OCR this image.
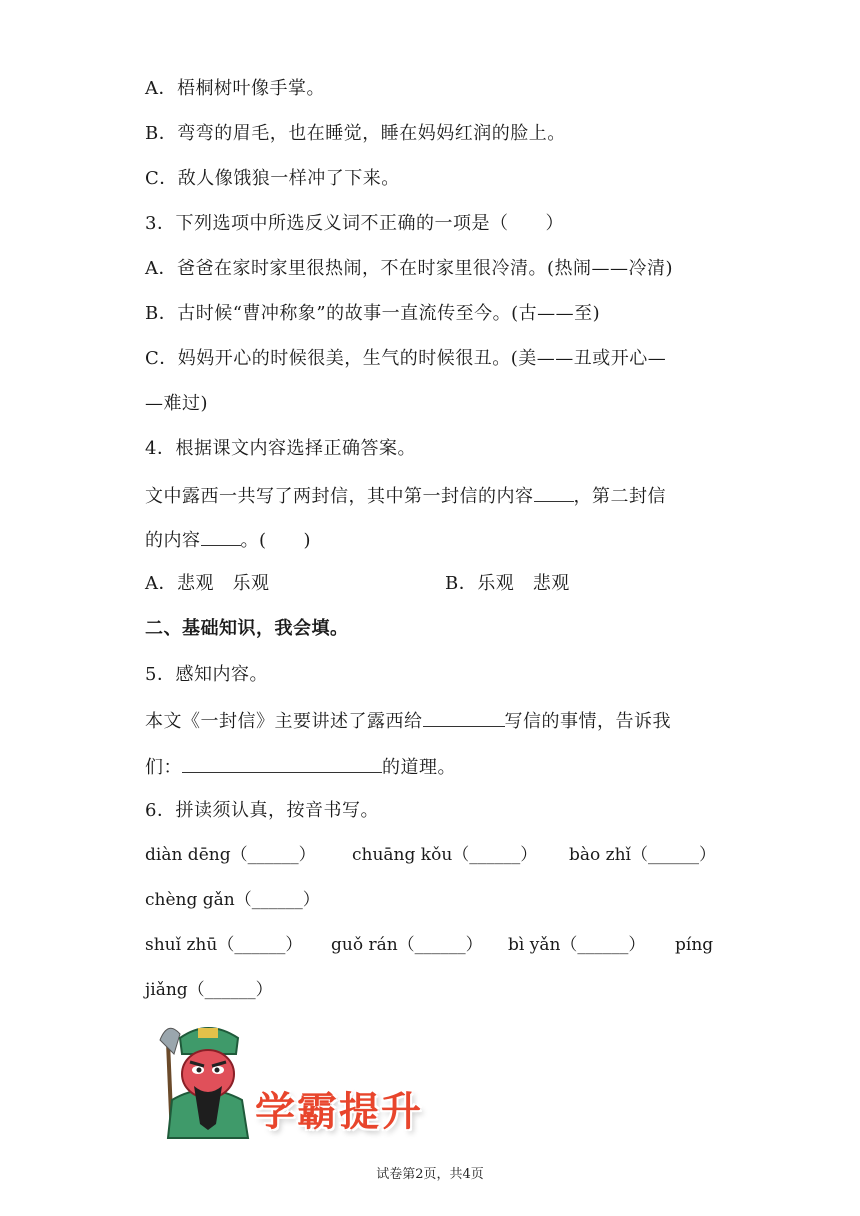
A．梧桐树叶像手掌。
B．弯弯的眉毛，也在睡觉，睡在妈妈红润的脸上。
C．敌人像饿狼一样冲了下来。
3．下列选项中所选反义词不正确的一项是（　　）
A．爸爸在家时家里很热闹，不在时家里很冷清。(热闹——冷清)
B．古时候“曹冲称象”的故事一直流传至今。(古——至)
C．妈妈开心的时候很美，生气的时候很丑。(美——丑或开心—
—难过)
4．根据课文内容选择正确答案。
文中露西一共写了两封信，其中第一封信的内容 ，第二封信
的内容 。(　　)
A．悲观　乐观	B．乐观　悲观
二、基础知识，我会填。
5．感知内容。
本文《一封信》主要讲述了露西给	写信的事情，告诉我
们：	的道理。
6．拼读须认真，按音书写。
diàn dēng（______） chuāng kǒu（______） bào zhǐ（______）
chèng gǎn（______）
shuǐ zhū（______） guǒ rán（______） bì yǎn（______） píng
jiǎng（______）
学霸提升
试卷第2页，共4页
